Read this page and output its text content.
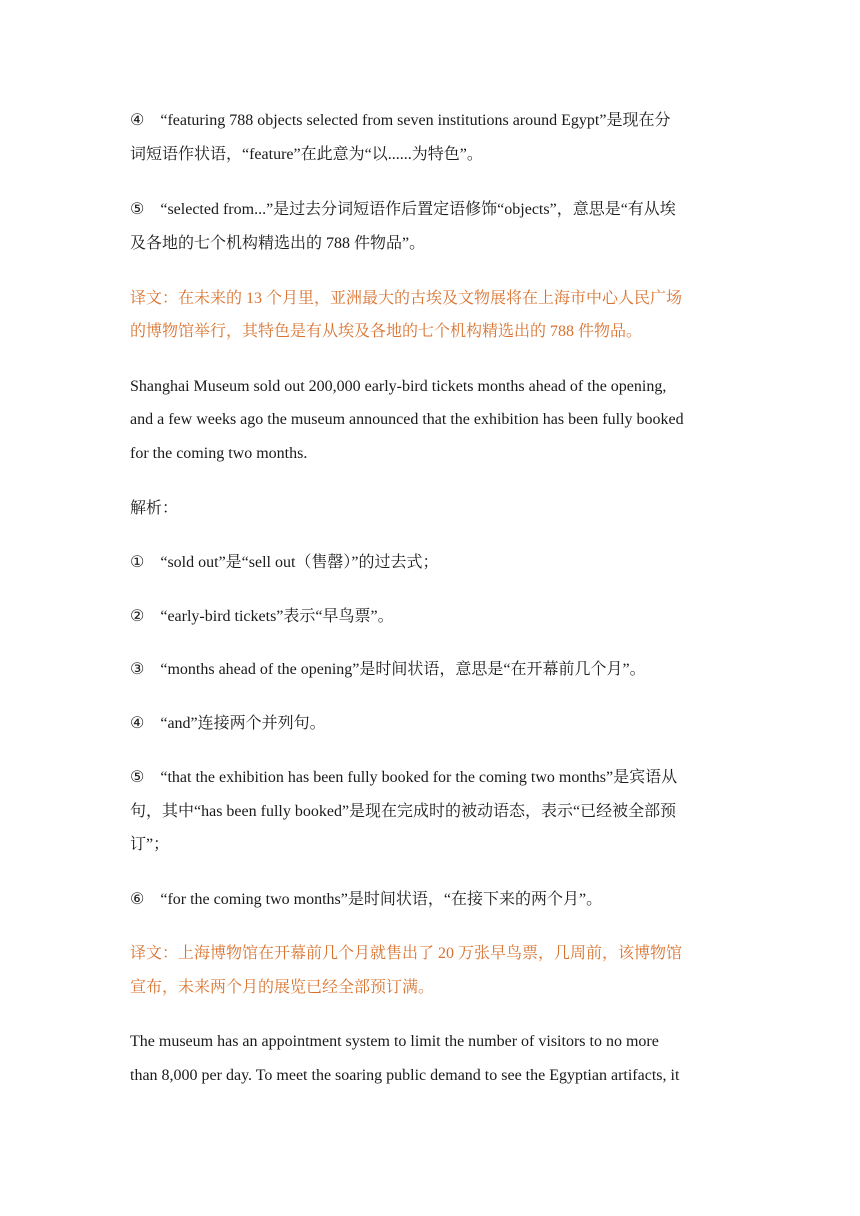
④　“featuring 788 objects selected from seven institutions around Egypt”是现在分
词短语作状语，“feature”在此意为“以......为特色”。
⑤　“selected from...”是过去分词短语作后置定语修饰“objects”，意思是“有从埃
及各地的七个机构精选出的 788 件物品”。
译文：在未来的 13 个月里，亚洲最大的古埃及文物展将在上海市中心人民广场
的博物馆举行，其特色是有从埃及各地的七个机构精选出的 788 件物品。
Shanghai Museum sold out 200,000 early-bird tickets months ahead of the opening,
and a few weeks ago the museum announced that the exhibition has been fully booked
for the coming two months.
解析：
①　“sold out”是“sell out（售罄）”的过去式；
②　“early-bird tickets”表示“早鸟票”。
③　“months ahead of the opening”是时间状语，意思是“在开幕前几个月”。
④　“and”连接两个并列句。
⑤　“that the exhibition has been fully booked for the coming two months”是宾语从
句，其中“has been fully booked”是现在完成时的被动语态，表示“已经被全部预
订”；
⑥　“for the coming two months”是时间状语，“在接下来的两个月”。
译文：上海博物馆在开幕前几个月就售出了 20 万张早鸟票，几周前，该博物馆
宣布，未来两个月的展览已经全部预订满。
The museum has an appointment system to limit the number of visitors to no more
than 8,000 per day. To meet the soaring public demand to see the Egyptian artifacts, it
